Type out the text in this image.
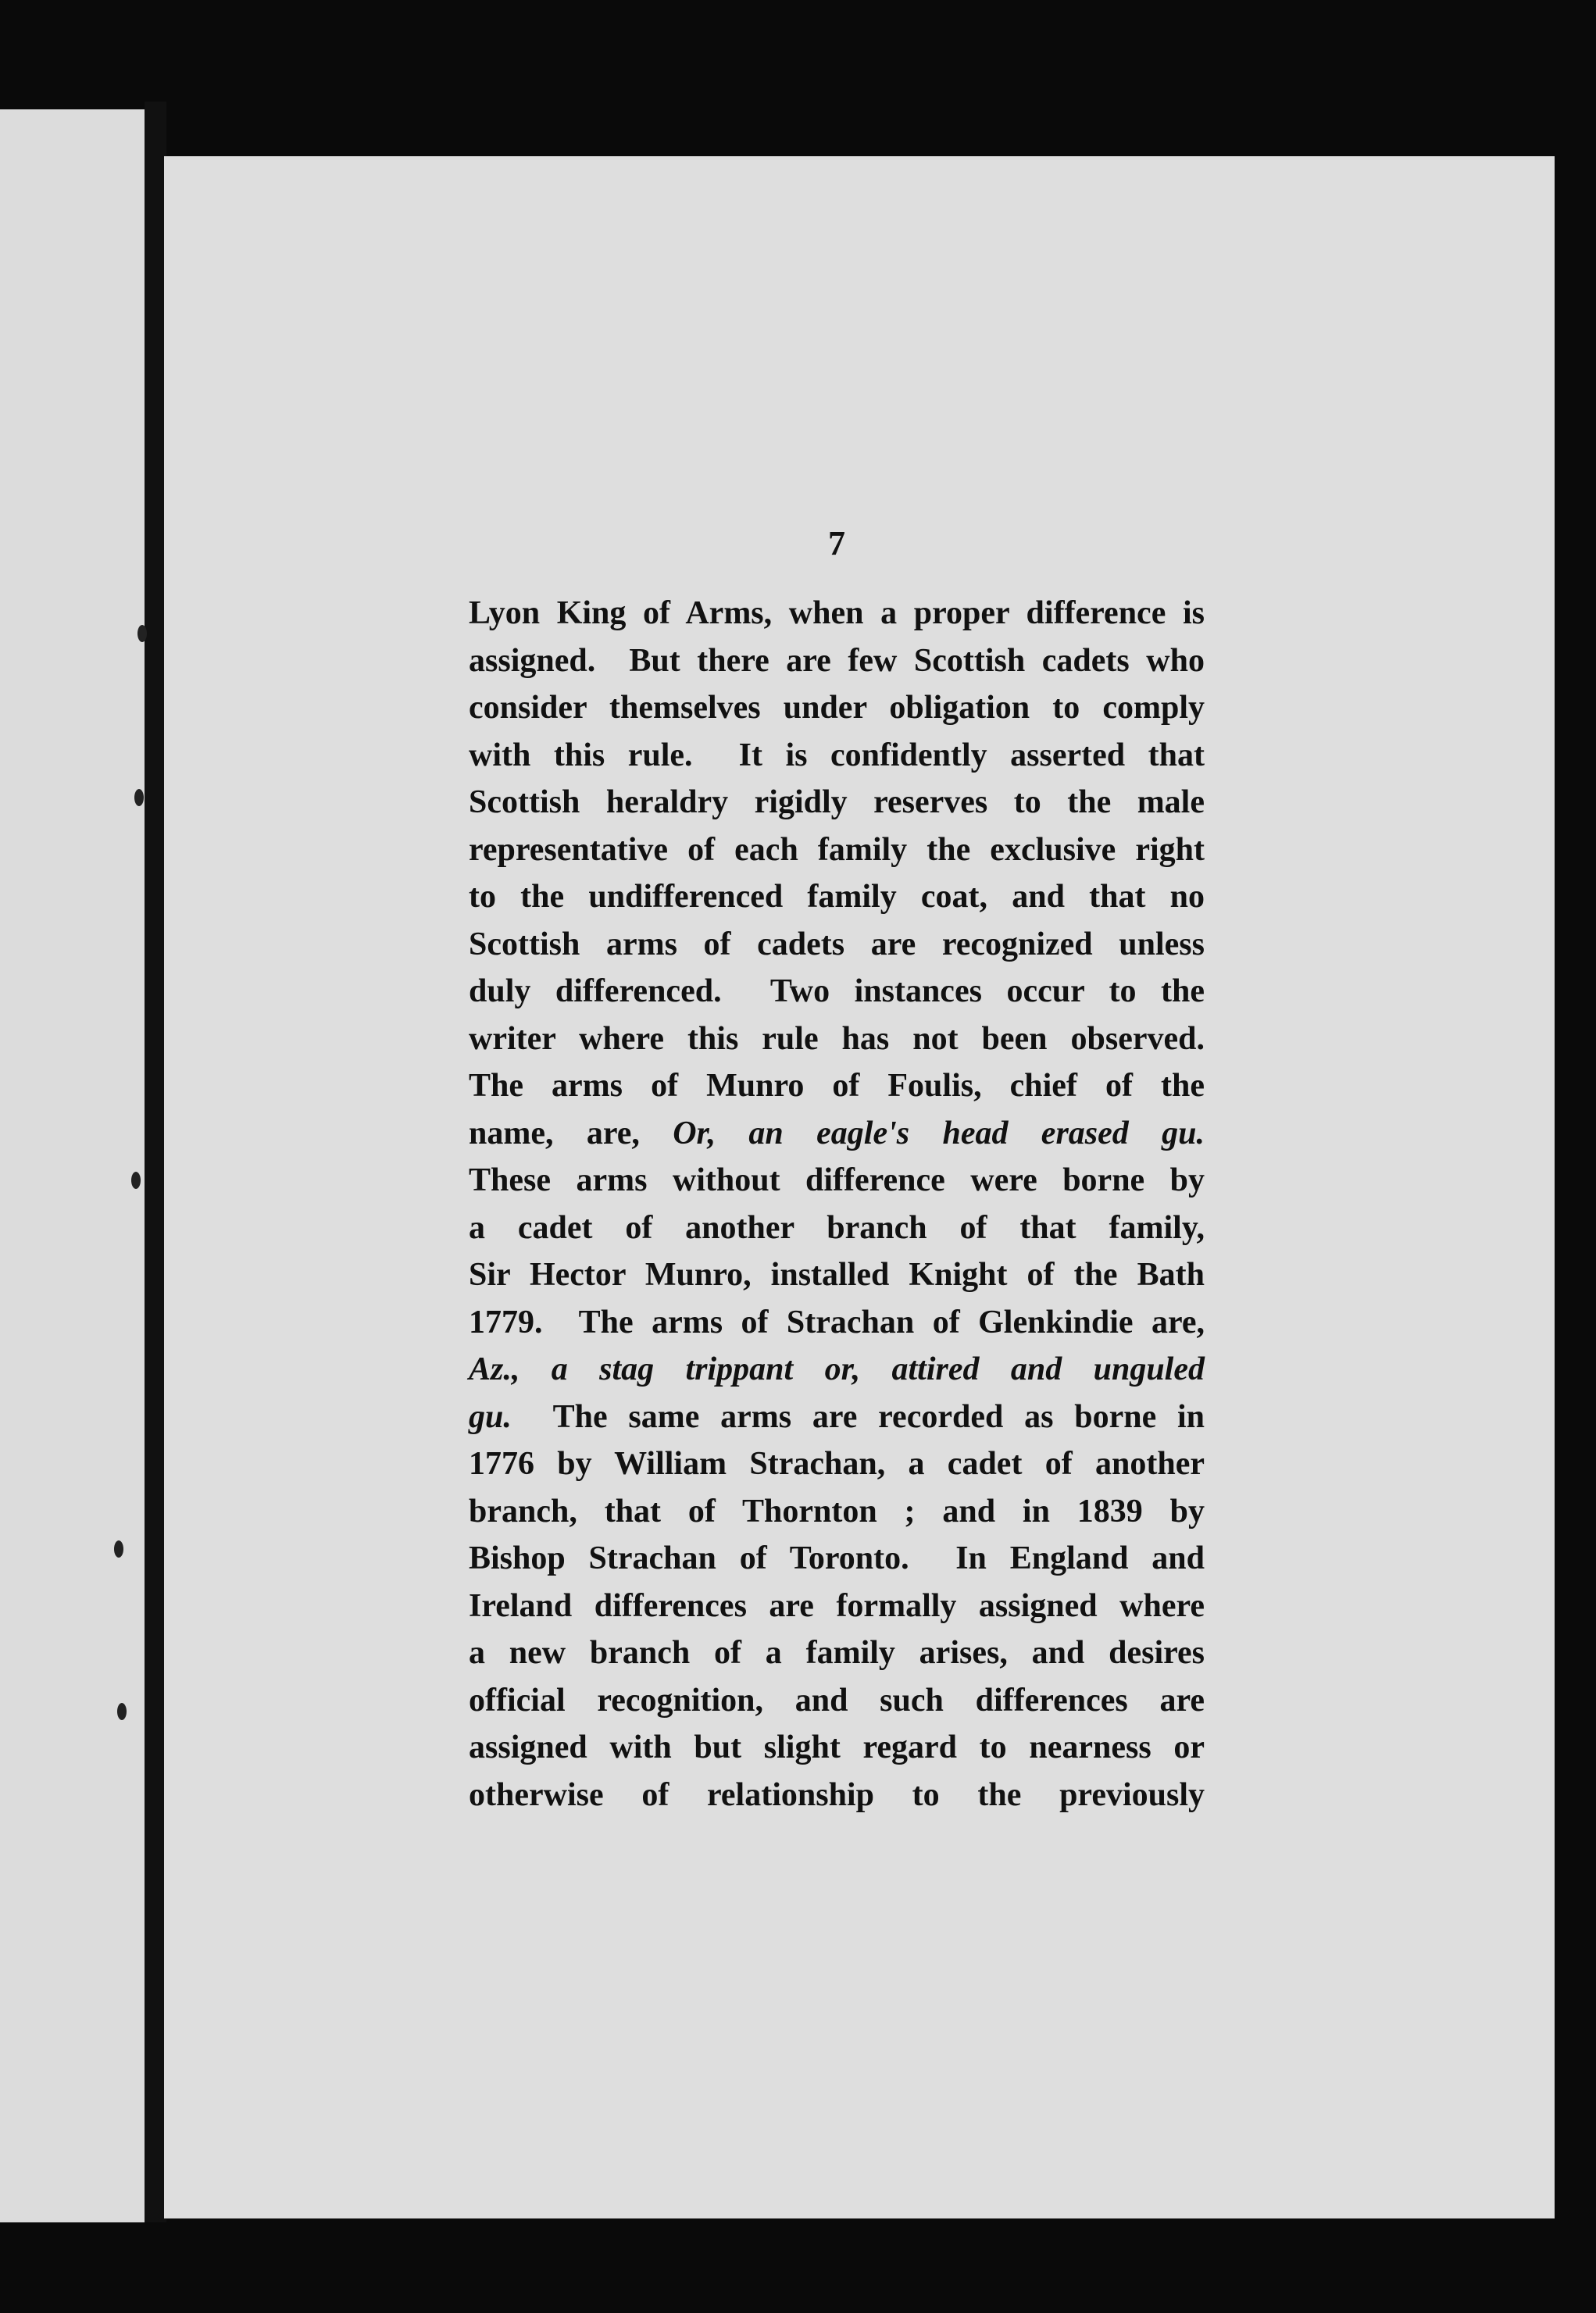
7
Lyon King of Arms, when a proper difference is
assigned.  But there are few Scottish cadets who
consider themselves under obligation to comply
with this rule.  It is confidently asserted that
Scottish heraldry rigidly reserves to the male
representative of each family the exclusive right
to the undifferenced family coat, and that no
Scottish arms of cadets are recognized unless
duly differenced.  Two instances occur to the
writer where this rule has not been observed.
The arms of Munro of Foulis, chief of the
name, are, Or, an eagle's head erased gu.
These arms without difference were borne by
a cadet of another branch of that family,
Sir Hector Munro, installed Knight of the Bath
1779.  The arms of Strachan of Glenkindie are,
Az., a stag trippant or, attired and unguled
gu.  The same arms are recorded as borne in
1776 by William Strachan, a cadet of another
branch, that of Thornton ; and in 1839 by
Bishop Strachan of Toronto.  In England and
Ireland differences are formally assigned where
a new branch of a family arises, and desires
official recognition, and such differences are
assigned with but slight regard to nearness or
otherwise of relationship to the previously
